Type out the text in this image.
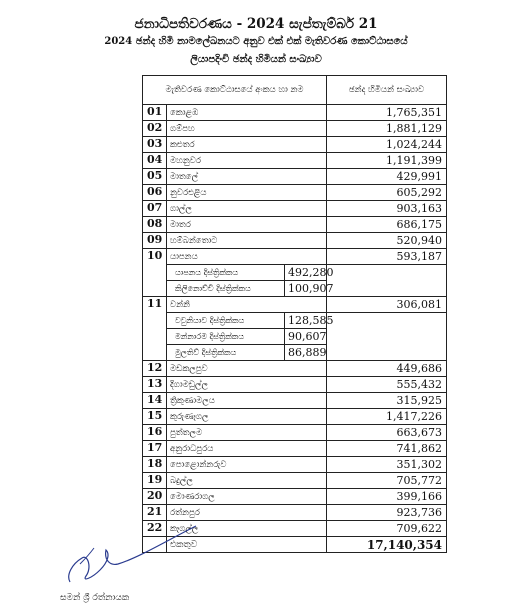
ජනාධිපතිවරණය - 2024 සැප්තැම්බර් 21
2024 ඡන්ද හිමි නාමලේඛනයට අනුව එක් එක් මැතිවරණ කොට්ඨාසයේ
ලියාපදිංචි ඡන්ද හිමියන් සංඛ්‍යාව
මැතිවරණ කොට්ඨාසයේ අංකය හා නම			ඡන්ද හිමියන් සංඛ්‍යාව
01	කොළඹ		1,765,351
02	ගම්පහ		1,881,129
03	කළුතර		1,024,244
04	මහනුවර		1,191,399
05	මාතලේ		429,991
06	නුවරඑළිය		605,292
07	ගාල්ල		903,163
08	මාතර		686,175
09	හම්බන්තොට		520,940
10	යාපනය		593,187
	යාපනය දිස්ත්‍රික්කය	492,280	
	කිලිනොච්චි දිස්ත්‍රික්කය	100,907	
11	වන්නි		306,081
	වවුනියාව දිස්ත්‍රික්කය	128,585	
	මන්නාරම දිස්ත්‍රික්කය	90,607	
	මුලතිව් දිස්ත්‍රික්කය	86,889	
12	මඩකලපුව		449,686
13	දිගාමඩුල්ල		555,432
14	ත්‍රිකුණාමලය		315,925
15	කුරුණෑගල		1,417,226
16	පුත්තලම		663,673
17	අනුරාධපුරය		741,862
18	පොළොන්නරුව		351,302
19	බදුල්ල		705,772
20	මොණරාගල		399,166
21	රත්නපුර		923,736
22	කෑගල්ල		709,622
	එකතුව		17,140,354
සමන් ශ්‍රී රත්නායක
